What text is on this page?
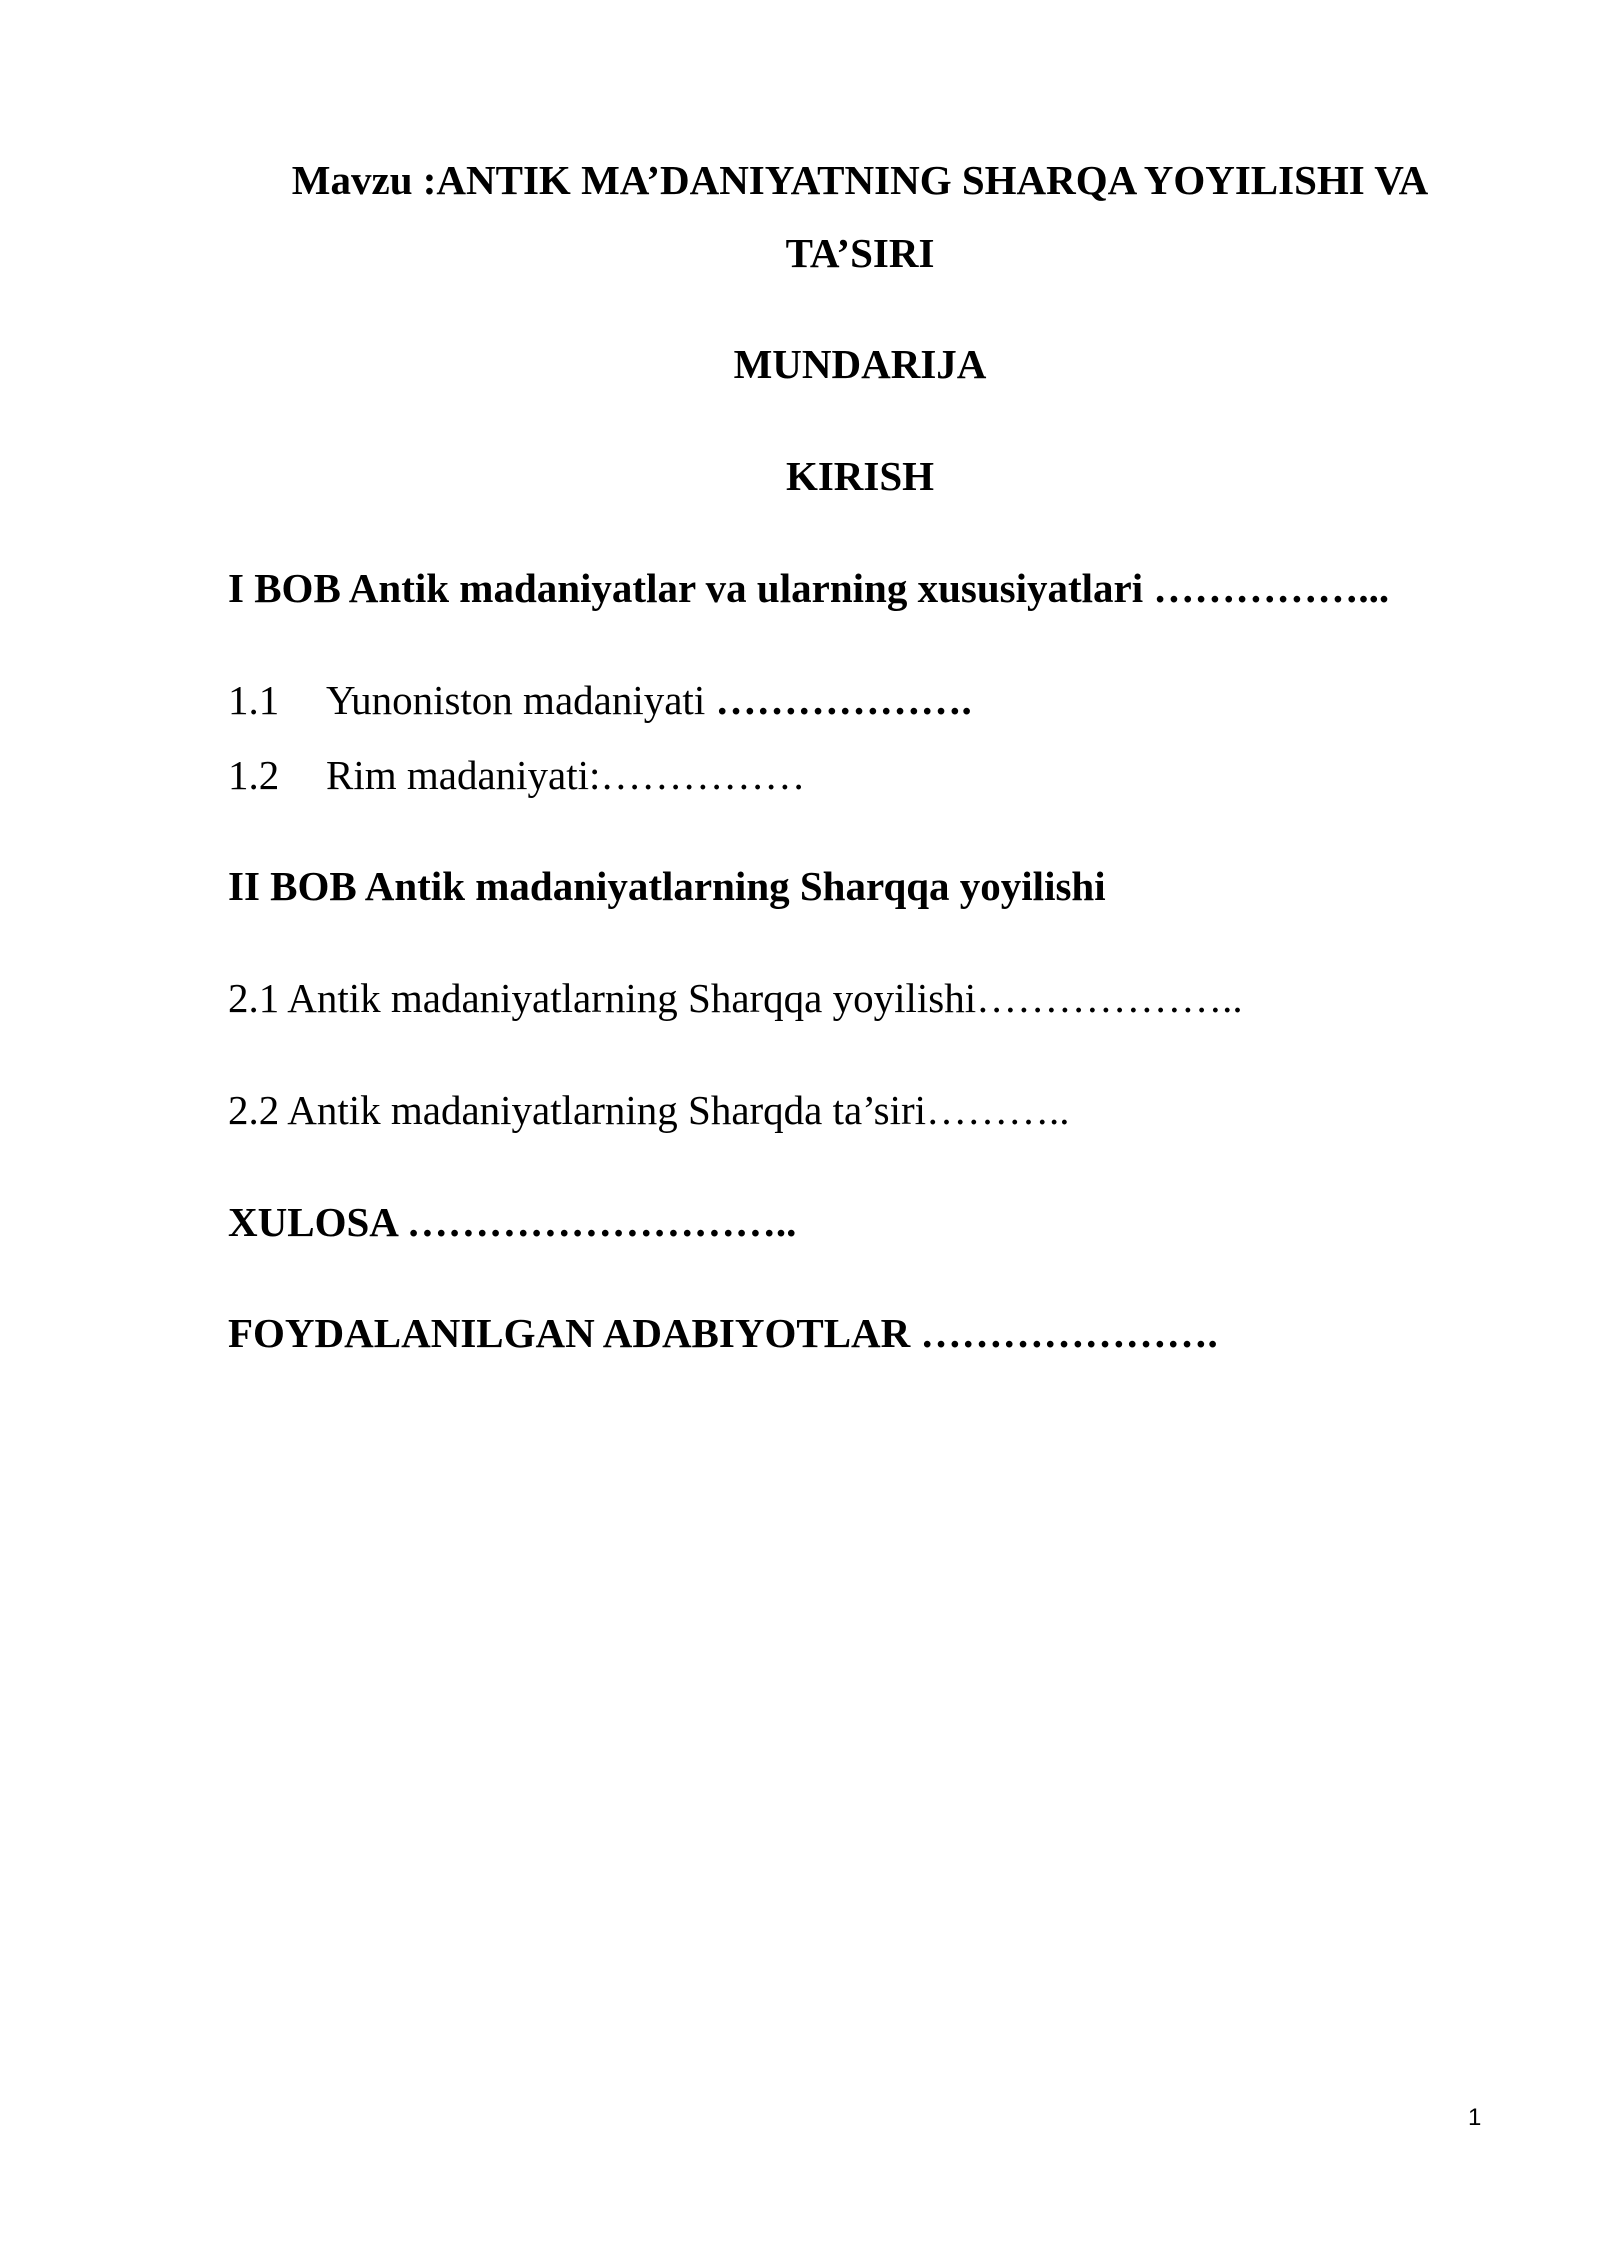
Mavzu :ANTIK MA’DANIYATNING SHARQA YOYILISHI VA
TA’SIRI
MUNDARIJA
KIRISH
I BOB Antik madaniyatlar va ularning xususiyatlari ……………...
1.1 Yunoniston madaniyati ……………….
1.2 Rim madaniyati:……………
II BOB Antik madaniyatlarning Sharqqa yoyilishi
2.1 Antik madaniyatlarning Sharqqa yoyilishi………………..
2.2 Antik madaniyatlarning Sharqda ta’siri………..
XULOSA ………………………..
FOYDALANILGAN ADABIYOTLAR ………………….
1
